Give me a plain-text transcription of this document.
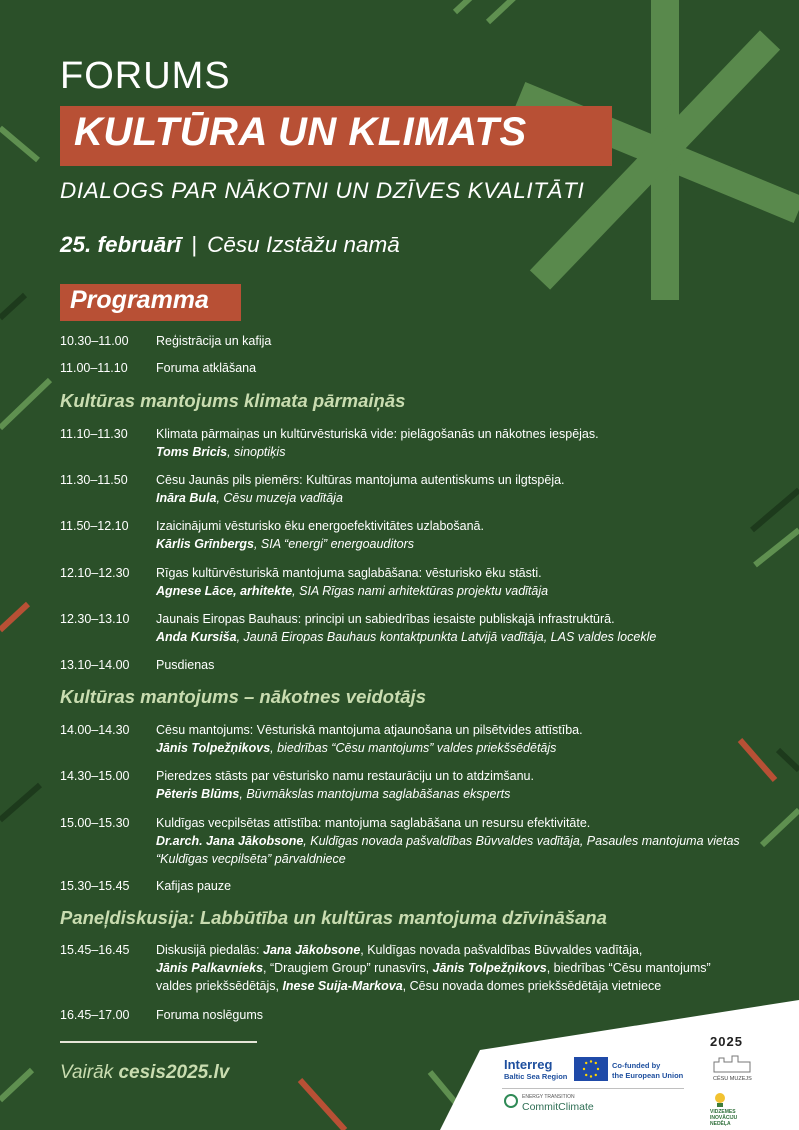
FORUMS
KULTŪRA UN KLIMATS
DIALOGS PAR NĀKOTNI UN DZĪVES KVALITĀTI
25. februārī | Cēsu Izstāžu namā
Programma
10.30–11.00	Reģistrācija un kafija
11.00–11.10	Foruma atklāšana
Kultūras mantojums klimata pārmaiņās
11.10–11.30	Klimata pārmaiņas un kultūrvēsturiskā vide: pielāgošanās un nākotnes iespējas.
Toms Bricis, sinoptiķis
11.30–11.50	Cēsu Jaunās pils piemērs: Kultūras mantojuma autentiskums un ilgtspēja.
Ināra Bula, Cēsu muzeja vadītāja
11.50–12.10	Izaicinājumi vēsturisko ēku energoefektivitātes uzlabošanā.
Kārlis Grīnbergs, SIA “energi” energoauditors
12.10–12.30	Rīgas kultūrvēsturiskā mantojuma saglabāšana: vēsturisko ēku stāsti.
Agnese Lāce, arhitekte, SIA Rīgas nami arhitektūras projektu vadītāja
12.30–13.10	Jaunais Eiropas Bauhaus: principi un sabiedrības iesaiste publiskajā infrastruktūrā.
Anda Kursiša, Jaunā Eiropas Bauhaus kontaktpunkta Latvijā vadītāja, LAS valdes locekle
13.10–14.00	Pusdienas
Kultūras mantojums – nākotnes veidotājs
14.00–14.30	Cēsu mantojums: Vēsturiskā mantojuma atjaunošana un pilsētvides attīstība.
Jānis Tolpežņikovs, biedrības “Cēsu mantojums” valdes priekšsēdētājs
14.30–15.00	Pieredzes stāsts par vēsturisko namu restaurāciju un to atdzimšanu.
Pēteris Blūms, Būvmākslas mantojuma saglabāšanas eksperts
15.00–15.30	Kuldīgas vecpilsētas attīstība: mantojuma saglabāšana un resursu efektivitāte.
Dr.arch. Jana Jākobsone, Kuldīgas novada pašvaldības Būvvaldes vadītāja, Pasaules mantojuma vietas “Kuldīgas vecpilsēta” pārvaldniece
15.30–15.45	Kafijas pauze
Paneļdiskusija: Labbūtība un kultūras mantojuma dzīvināšana
15.45–16.45	Diskusijā piedalās: Jana Jākobsone, Kuldīgas novada pašvaldības Būvvaldes vadītāja,
Jānis Palkavnieks, “Draugiem Group” runasvīrs, Jānis Tolpežņikovs, biedrības “Cēsu mantojums”
valdes priekšsēdētājs, Inese Suija-Markova, Cēsu novada domes priekšsēdētāja vietniece
16.45–17.00	Foruma noslēgums
Vairāk cesis2025.lv	Interreg
Baltic Sea Region
Co-funded by
the European Union
ENERGY TRANSITION
CommitClimate
2025
CĒSU MUZEJS
VIDZEMES
INOVĀCIJU
NEDĒĻA
